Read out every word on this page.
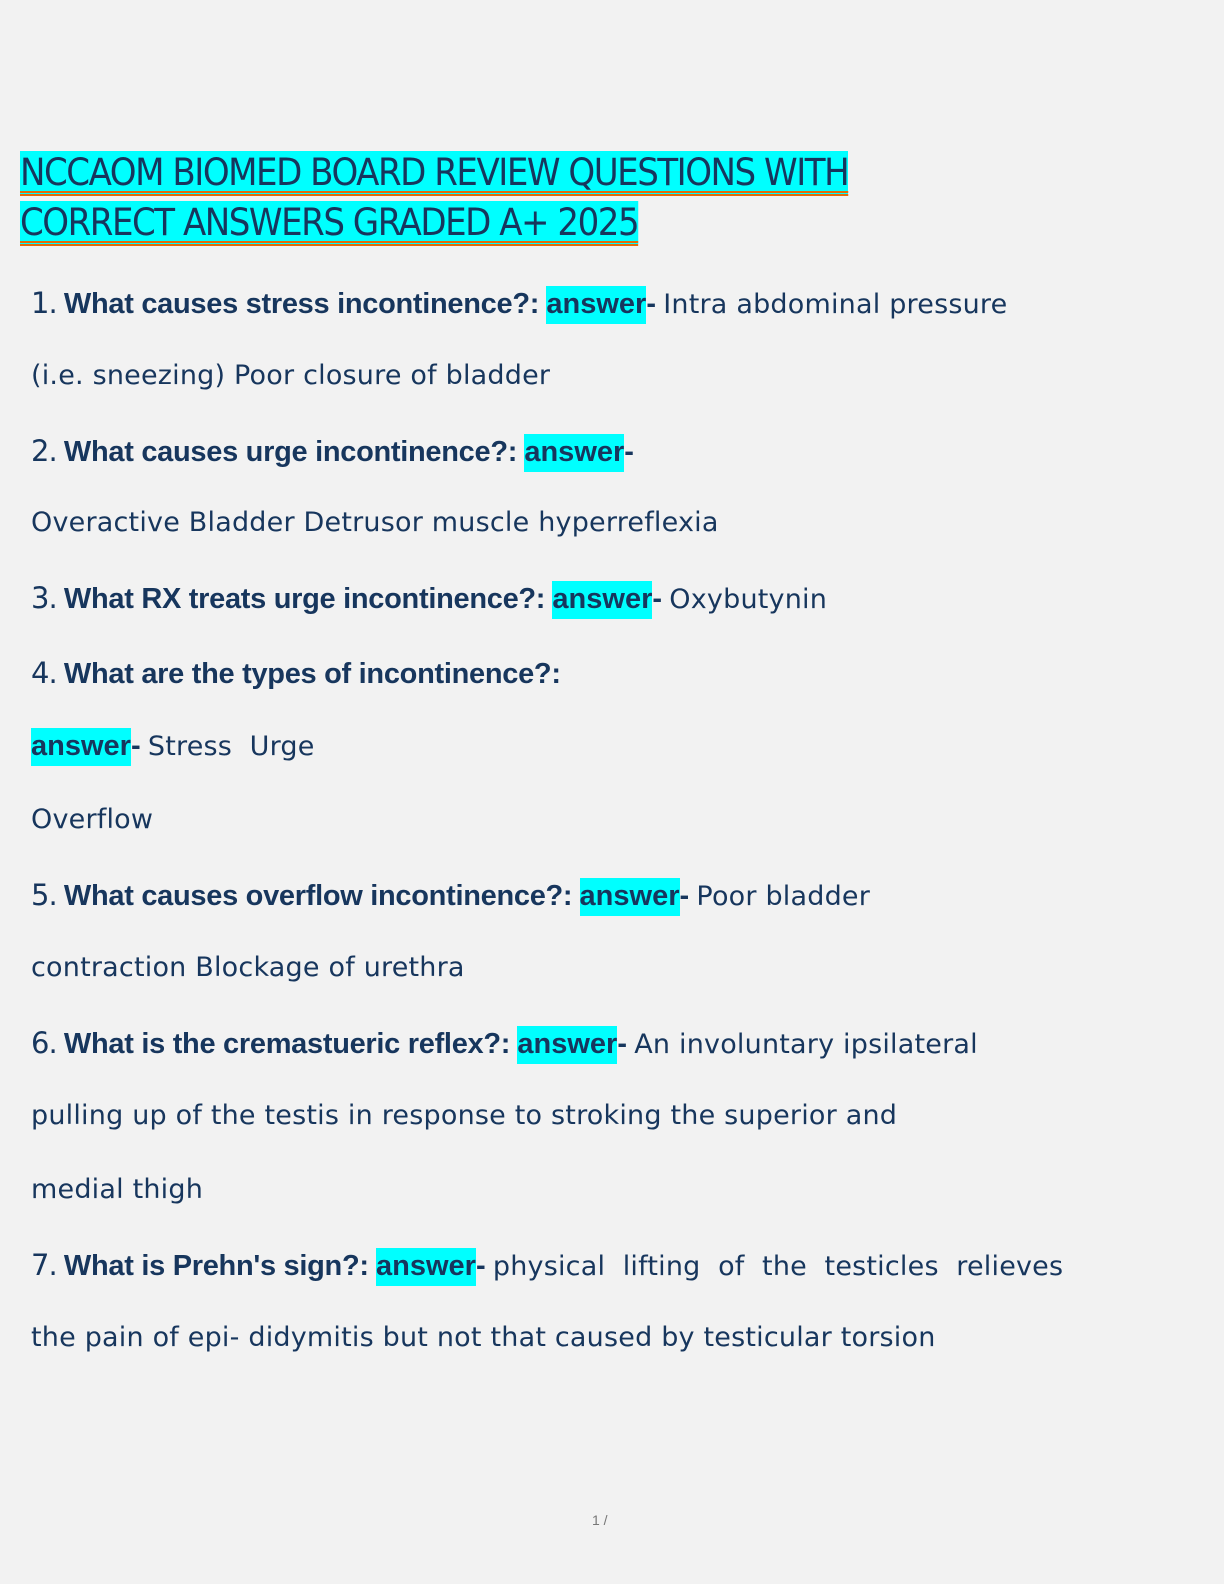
NCCAOM BIOMED BOARD REVIEW QUESTIONS WITH
CORRECT ANSWERS GRADED A+ 2025
1. What causes stress incontinence?: answer- Intra abdominal pressure
(i.e. sneezing) Poor closure of bladder
2. What causes urge incontinence?: answer-
Overactive Bladder Detrusor muscle hyperreflexia
3. What RX treats urge incontinence?: answer- Oxybutynin
4. What are the types of incontinence?:
answer- Stress  Urge
Overflow
5. What causes overflow incontinence?: answer- Poor bladder
contraction Blockage of urethra
6. What is the cremastueric reflex?: answer- An involuntary ipsilateral
pulling up of the testis in response to stroking the superior and
medial thigh
7. What is Prehn's sign?: answer- physical  lifting  of  the  testicles  relieves
the pain of epi- didymitis but not that caused by testicular torsion
1 /
